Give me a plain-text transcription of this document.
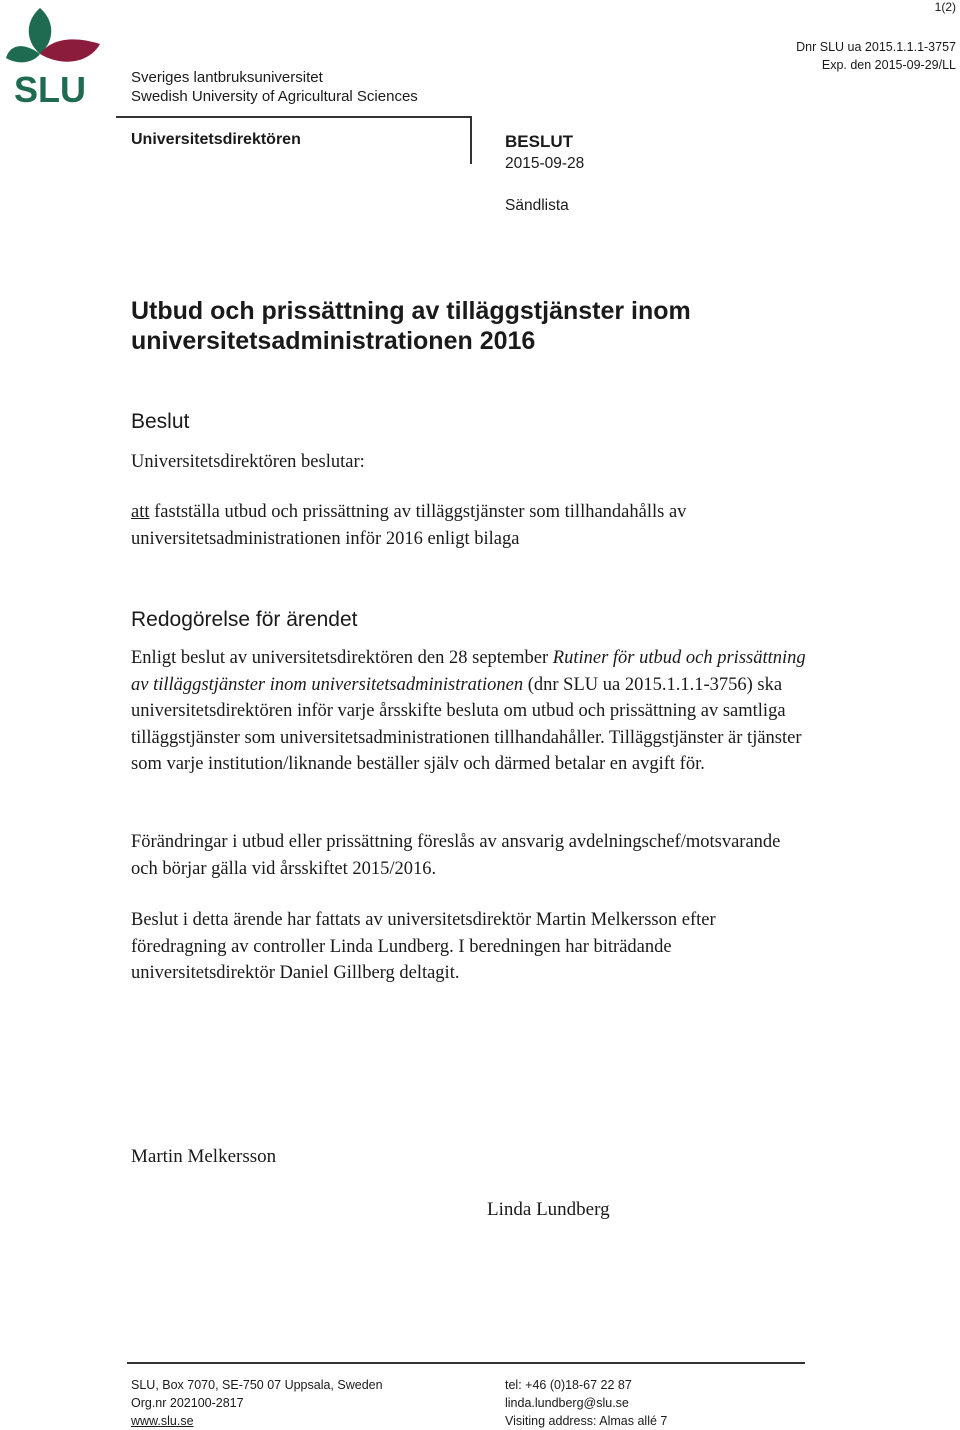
1(2)
Dnr SLU ua 2015.1.1.1-3757
Exp. den 2015-09-29/LL
SLU	Sveriges lantbruksuniversitet
Swedish University of Agricultural Sciences
Universitetsdirektören	BESLUT
2015-09-28
Sändlista
Utbud och prissättning av tilläggstjänster inom universitetsadministrationen 2016
Beslut
Universitetsdirektören beslutar:
att fastställa utbud och prissättning av tilläggstjänster som tillhandahålls av universitetsadministrationen inför 2016 enligt bilaga
Redogörelse för ärendet
Enligt beslut av universitetsdirektören den 28 september Rutiner för utbud och prissättning av tilläggstjänster inom universitetsadministrationen (dnr SLU ua 2015.1.1.1-3756) ska universitetsdirektören inför varje årsskifte besluta om utbud och prissättning av samtliga tilläggstjänster som universitetsadministrationen tillhandahåller. Tilläggstjänster är tjänster som varje institution/liknande beställer själv och därmed betalar en avgift för.
Förändringar i utbud eller prissättning föreslås av ansvarig avdelningschef/motsvarande och börjar gälla vid årsskiftet 2015/2016.
Beslut i detta ärende har fattats av universitetsdirektör Martin Melkersson efter föredragning av controller Linda Lundberg. I beredningen har biträdande universitetsdirektör Daniel Gillberg deltagit.
Martin Melkersson
Linda Lundberg
SLU, Box 7070, SE-750 07 Uppsala, Sweden
Org.nr 202100-2817
www.slu.se
tel: +46 (0)18-67 22 87
linda.lundberg@slu.se
Visiting address: Almas allé 7
